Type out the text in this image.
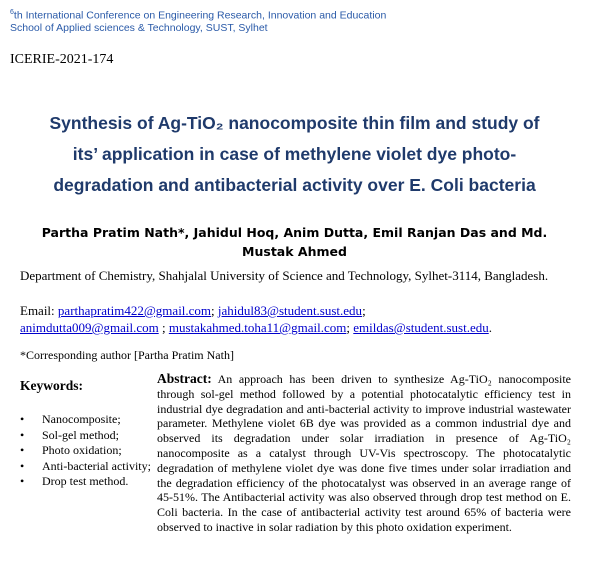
$^6$th International Conference on Engineering Research, Innovation and Education
School of Applied sciences & Technology, SUST, Sylhet
ICERIE-2021-174
Synthesis of Ag-TiO₂ nanocomposite thin film and study of
its’ application in case of methylene violet dye photo-
degradation and antibacterial activity over E. Coli bacteria
Partha Pratim Nath*, Jahidul Hoq, Anim Dutta, Emil Ranjan Das and Md. Mustak Ahmed
Department of Chemistry, Shahjalal University of Science and Technology, Sylhet-3114, Bangladesh.
Email: parthapratim422@gmail.com; jahidul83@student.sust.edu;
animdutta009@gmail.com ; mustakahmed.toha11@gmail.com; emildas@student.sust.edu.
*Corresponding author [Partha Pratim Nath]
Keywords:
• Nanocomposite;
• Sol-gel method;
• Photo oxidation;
• Anti-bacterial activity;
• Drop test method.
Abstract: An approach has been driven to synthesize Ag-TiO₂ nanocomposite through sol-gel method followed by a potential photocatalytic efficiency test in industrial dye degradation and anti-bacterial activity to improve industrial wastewater parameter. Methylene violet 6B dye was provided as a common industrial dye and observed its degradation under solar irradiation in presence of Ag-TiO₂ nanocomposite as a catalyst through UV-Vis spectroscopy. The photocatalytic degradation of methylene violet dye was done five times under solar irradiation and the degradation efficiency of the photocatalyst was observed in an average range of 45-51%. The Antibacterial activity was also observed through drop test method on E. Coli bacteria. In the case of antibacterial activity test around 65% of bacteria were observed to inactive in solar radiation by this photo oxidation experiment.
